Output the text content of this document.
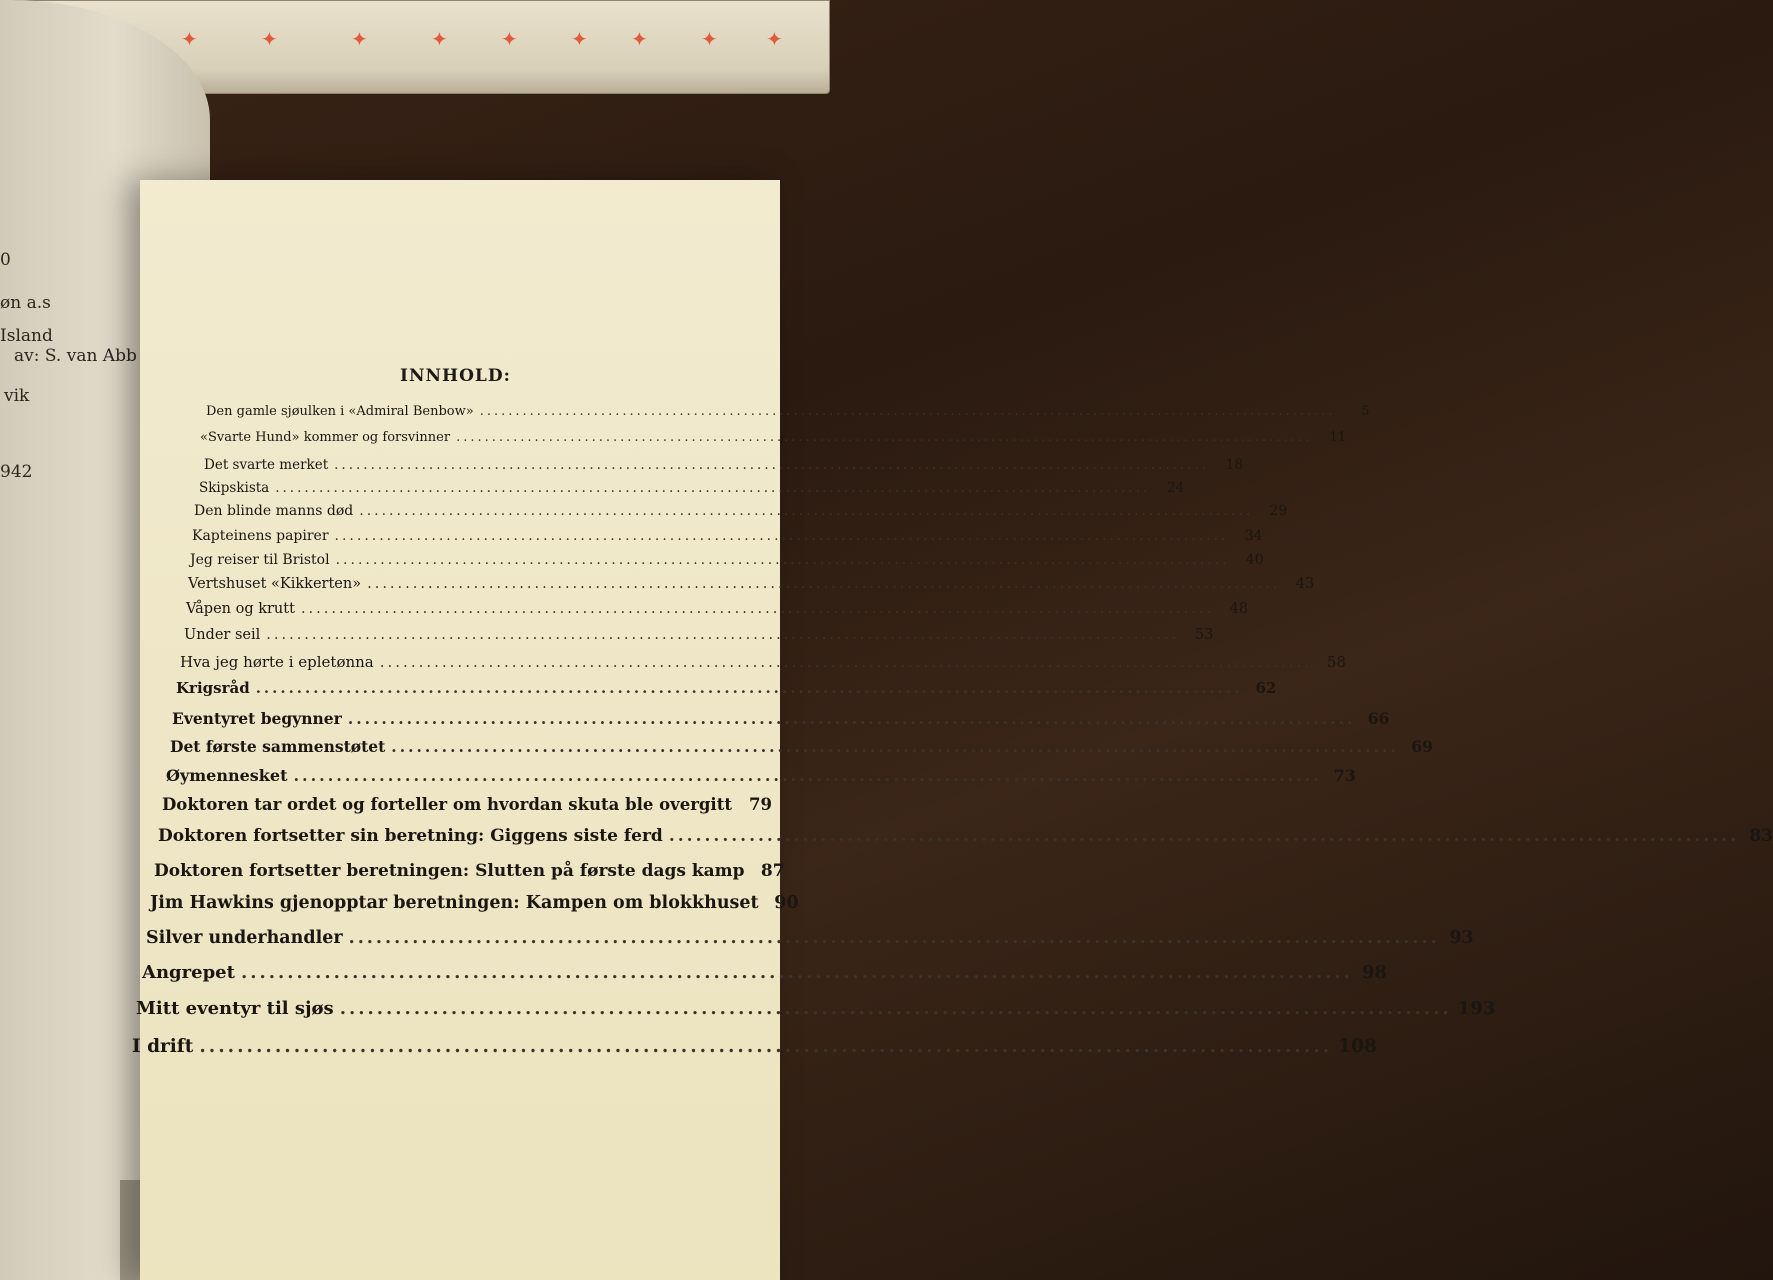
✦	✦	✦	✦	✦	✦	✦	✦	✦
0
øn a.s
Island
av: S. van Abb
vik
942
INNHOLD:
Den gamle sjøulken i «Admiral Benbow» ........................................................................................................................	5
«Svarte Hund» kommer og forsvinner ........................................................................................................................	11
Det svarte merket ........................................................................................................................	18
Skipskista ........................................................................................................................	24
Den blinde manns død ........................................................................................................................	29
Kapteinens papirer ........................................................................................................................	34
Jeg reiser til Bristol ........................................................................................................................	40
Vertshuset «Kikkerten» ........................................................................................................................	43
Våpen og krutt ........................................................................................................................	48
Under seil ........................................................................................................................	53
Hva jeg hørte i epletønna ........................................................................................................................ 58
Krigsråd ........................................................................................................................ 62
Eventyret begynner ........................................................................................................................ 66
Det første sammenstøtet ........................................................................................................................ 69
Øymennesket ........................................................................................................................ 73
Doktoren tar ordet og forteller om hvordan skuta ble overgitt	79
Doktoren fortsetter sin beretning: Giggens siste ferd ........................................................................................................................ 83
Doktoren fortsetter beretningen: Slutten på første dags kamp 87
Jim Hawkins gjenopptar beretningen: Kampen om blokkhuset 90
Silver underhandler ........................................................................................................................ 93
Angrepet ........................................................................................................................ 98
Mitt eventyr til sjøs ........................................................................................................................ 193
I drift ........................................................................................................................ 108
